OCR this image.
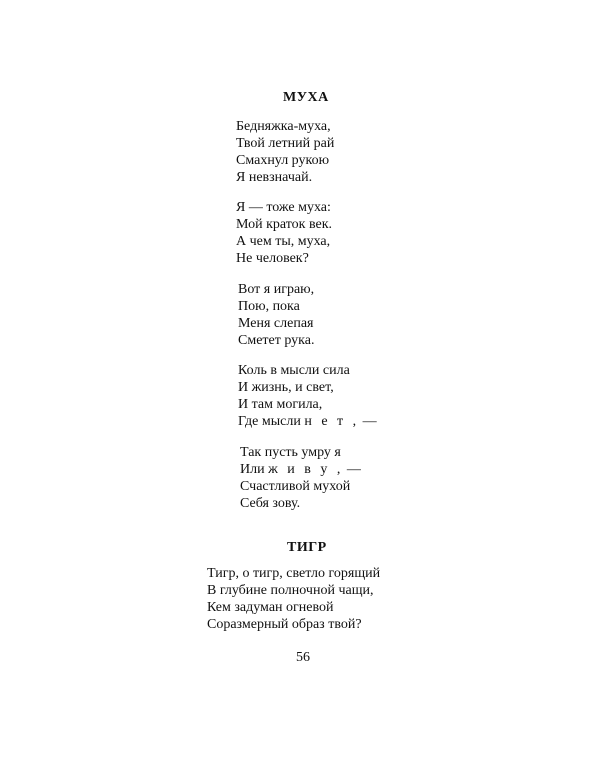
МУХА
Бедняжка-муха,
Твой летний рай
Смахнул рукою
Я невзначай.
Я — тоже муха:
Мой краток век.
А чем ты, муха,
Не человек?
Вот я играю,
Пою, пока
Меня слепая
Сметет рука.
Коль в мысли сила
И жизнь, и свет,
И там могила,
Где мысли н е т , —
Так пусть умру я
Или ж и в у , —
Счастливой мухой
Себя зову.
ТИГР
Тигр, о тигр, светло горящий
В глубине полночной чащи,
Кем задуман огневой
Соразмерный образ твой?
56
